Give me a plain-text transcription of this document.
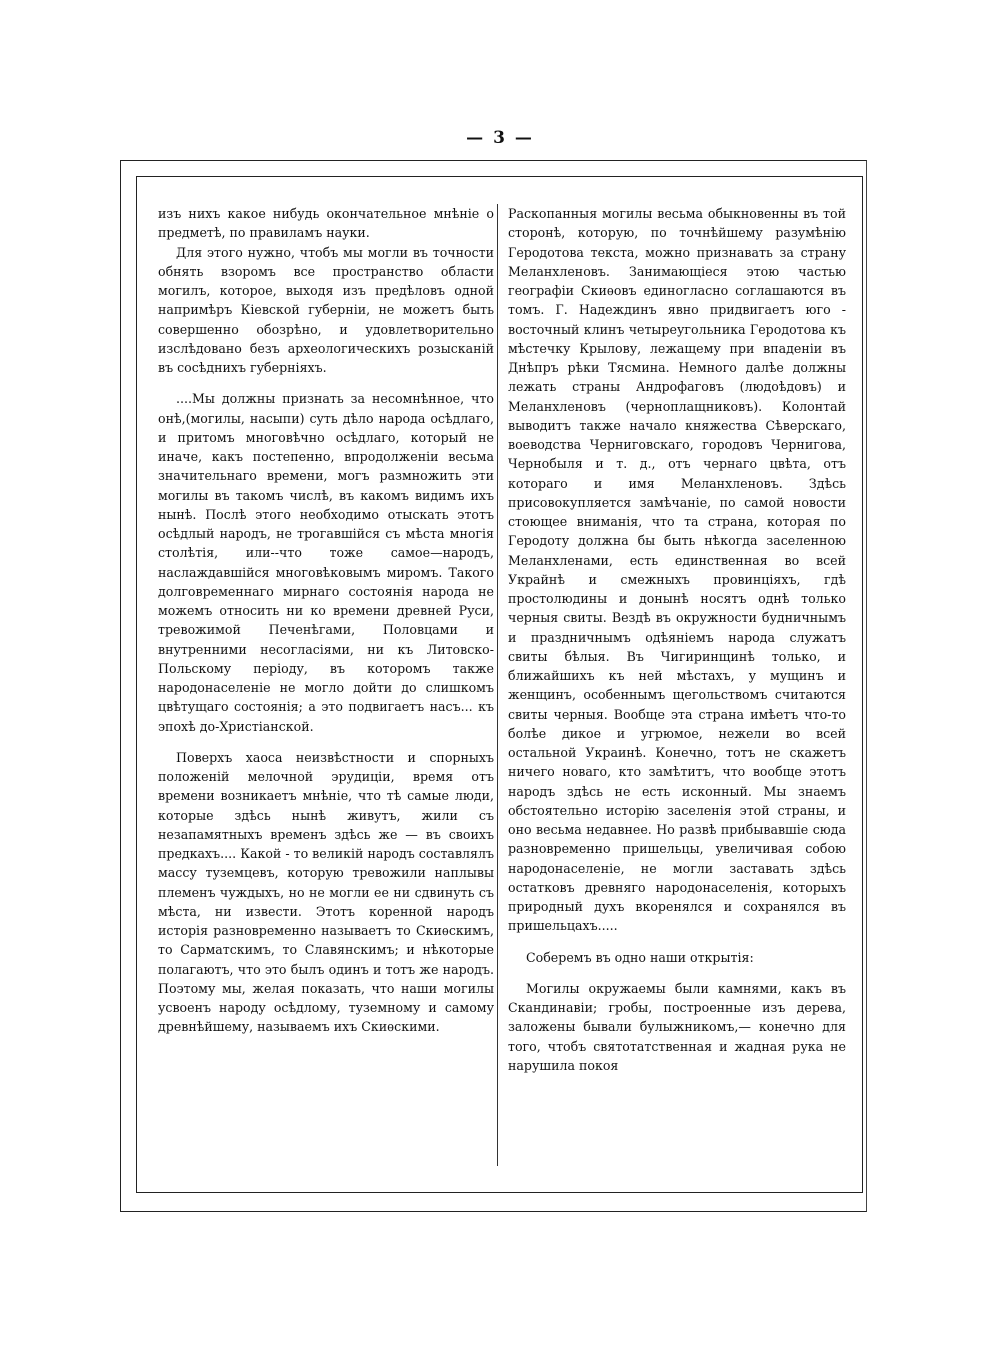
— 3 —

изъ нихъ какое нибудь окончательное мнѣніе о предметѣ, по правиламъ науки.

Для этого нужно, чтобъ мы могли въ точности обнять взоромъ все пространство области могилъ, которое, выходя изъ предѣловъ одной напримѣръ Кіевской губерніи, не можетъ быть совершенно обозрѣно, и удовлетворительно изслѣдовано безъ археологическихъ розысканій въ сосѣднихъ губерніяхъ.

....Мы должны признать за несомнѣнное, что онѣ,(могилы, насыпи) суть дѣло народа осѣдлаго, и притомъ многовѣчно осѣдлаго, который не иначе, какъ постепенно, впродолженіи весьма значительнаго времени, могъ размножить эти могилы въ такомъ числѣ, въ какомъ видимъ ихъ нынѣ. Послѣ этого необходимо отыскать этотъ осѣдлый народъ, не трогавшійся съ мѣста многія столѣтія, или--что тоже самое—народъ, наслаждавшійся многовѣковымъ миромъ. Такого долговременнаго мирнаго состоянія народа не можемъ относить ни ко времени древней Руси, тревожимой Печенѣгами, Половцами и внутренними несогласіями, ни къ Литовско-Польскому періоду, въ которомъ также народонаселеніе не могло дойти до слишкомъ цвѣтущаго состоянія; а это подвигаетъ насъ... къ эпохѣ до-Христіанской.

Поверхъ хаоса неизвѣстности и спорныхъ положеній мелочной эрудиціи, время отъ времени возникаетъ мнѣніе, что тѣ самые люди, которые здѣсь нынѣ живутъ, жили съ незапамятныхъ временъ здѣсь же — въ своихъ предкахъ.... Какой - то великій народъ составлялъ массу туземцевъ, которую тревожили наплывы племенъ чуждыхъ, но не могли ее ни сдвинуть съ мѣста, ни извести. Этотъ коренной народъ исторія разновременно называетъ то Скиѳскимъ, то Сарматскимъ, то Славянскимъ; и нѣкоторые полагаютъ, что это былъ одинъ и тотъ же народъ. Поэтому мы, желая показать, что наши могилы усвоенъ народу осѣдлому, туземному и самому древнѣйшему, называемъ ихъ Скиѳскими.

Раскопанныя могилы весьма обыкновенны въ той сторонѣ, которую, по точнѣйшему разумѣнію Геродотова текста, можно признавать за страну Меланхленовъ. Занимающіеся этою частью географіи Скиѳовъ единогласно соглашаются въ томъ. Г. Надеждинъ явно придвигаетъ юго - восточный клинъ четыреугольника Геродотова къ мѣстечку Крылову, лежащему при впаденіи въ Днѣпръ рѣки Тясмина. Немного далѣе должны лежать страны Андрофаговъ (людоѣдовъ) и Меланхленовъ (черноплащниковъ). Колонтай выводитъ также начало княжества Сѣверскаго, воеводства Черниговскаго, городовъ Чернигова, Чернобыля и т. д., отъ чернаго цвѣта, отъ котораго и имя Меланхленовъ. Здѣсь присовокупляется замѣчаніе, по самой новости стоющее вниманія, что та страна, которая по Геродоту должна бы быть нѣкогда заселенною Меланхленами, есть единственная во всей Украйнѣ и смежныхъ провинціяхъ, гдѣ простолюдины и донынѣ носятъ однѣ только черныя свиты. Вездѣ въ окружности будничнымъ и праздничнымъ одѣяніемъ народа служатъ свиты бѣлыя. Въ Чигиринщинѣ только, и ближайшихъ къ ней мѣстахъ, у мущинъ и женщинъ, особеннымъ щегольствомъ считаются свиты черныя. Вообще эта страна имѣетъ что-то болѣе дикое и угрюмое, нежели во всей остальной Украинѣ. Конечно, тотъ не скажетъ ничего новаго, кто замѣтитъ, что вообще этотъ народъ здѣсь не есть исконный. Мы знаемъ обстоятельно исторію заселенія этой страны, и оно весьма недавнее. Но развѣ прибывавшіе сюда разновременно пришельцы, увеличивая собою народонаселеніе, не могли заставать здѣсь остатковъ древняго народонаселенія, которыхъ природный духъ вкоренялся и сохранялся въ пришельцахъ.....

Соберемъ въ одно наши открытія:

Могилы окружаемы были камнями, какъ въ Скандинавіи; гробы, построенные изъ дерева, заложены бывали булыжникомъ,— конечно для того, чтобъ святотатственная и жадная рука не нарушила покоя
